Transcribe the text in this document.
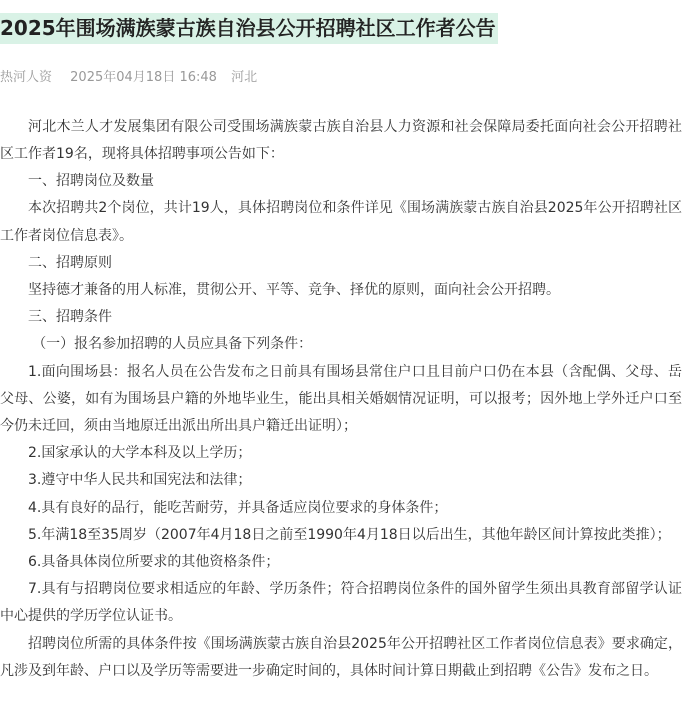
2025年围场满族蒙古族自治县公开招聘社区工作者公告
热河人资 2025年04月18日 16:48 河北

河北木兰人才发展集团有限公司受围场满族蒙古族自治县人力资源和社会保障局委托面向社会公开招聘社区工作者19名，现将具体招聘事项公告如下：

一、招聘岗位及数量

本次招聘共2个岗位，共计19人，具体招聘岗位和条件详见《围场满族蒙古族自治县2025年公开招聘社区工作者岗位信息表》。

二、招聘原则

坚持德才兼备的用人标准，贯彻公开、平等、竞争、择优的原则，面向社会公开招聘。

三、招聘条件

（一）报名参加招聘的人员应具备下列条件：

1.面向围场县：报名人员在公告发布之日前具有围场县常住户口且目前户口仍在本县（含配偶、父母、岳父母、公婆，如有为围场县户籍的外地毕业生，能出具相关婚姻情况证明，可以报考；因外地上学外迁户口至今仍未迁回，须由当地原迁出派出所出具户籍迁出证明）；

2.国家承认的大学本科及以上学历；

3.遵守中华人民共和国宪法和法律；

4.具有良好的品行，能吃苦耐劳，并具备适应岗位要求的身体条件；

5.年满18至35周岁（2007年4月18日之前至1990年4月18日以后出生，其他年龄区间计算按此类推）；

6.具备具体岗位所要求的其他资格条件；

7.具有与招聘岗位要求相适应的年龄、学历条件；符合招聘岗位条件的国外留学生须出具教育部留学认证中心提供的学历学位认证书。

招聘岗位所需的具体条件按《围场满族蒙古族自治县2025年公开招聘社区工作者岗位信息表》要求确定，凡涉及到年龄、户口以及学历等需要进一步确定时间的，具体时间计算日期截止到招聘《公告》发布之日。
